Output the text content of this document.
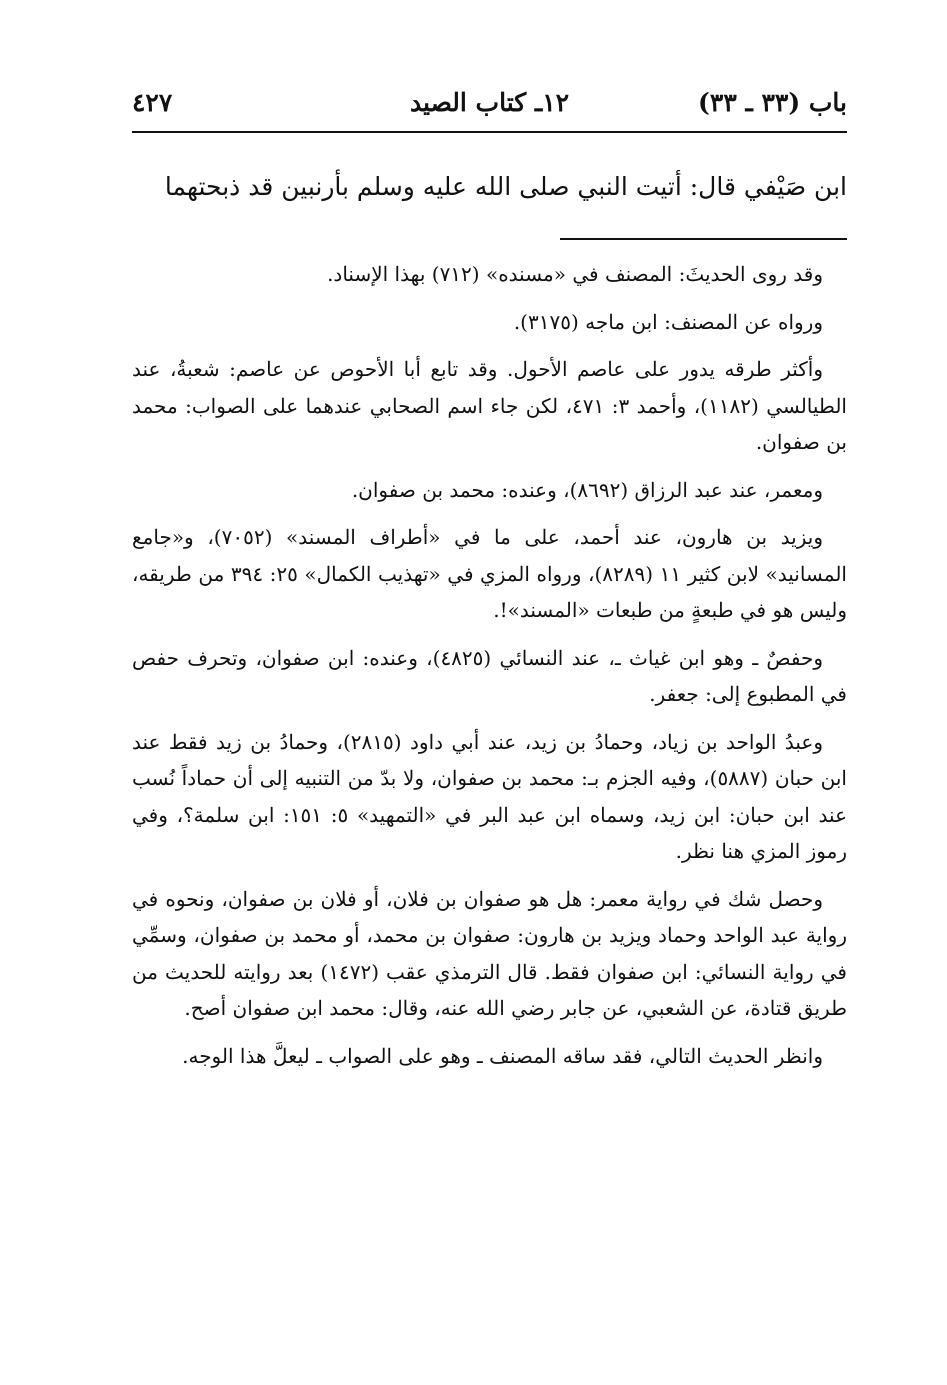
باب (٣٣ ـ ٣٣)
١٢ـ كتاب الصيد
٤٢٧
ابن صَيْفي قال: أتيت النبي صلى الله عليه وسلم بأرنبين قد ذبحتهما

وقد روى الحديثَ: المصنف في «مسنده» (٧١٢) بهذا الإسناد.

ورواه عن المصنف: ابن ماجه (٣١٧٥).

وأكثر طرقه يدور على عاصم الأحول. وقد تابع أبا الأحوص عن عاصم: شعبةُ، عند الطيالسي (١١٨٢)، وأحمد ٣: ٤٧١، لكن جاء اسم الصحابي عندهما على الصواب: محمد بن صفوان.

ومعمر، عند عبد الرزاق (٨٦٩٢)، وعنده: محمد بن صفوان.

ويزيد بن هارون، عند أحمد، على ما في «أطراف المسند» (٧٠٥٢)، و«جامع المسانيد» لابن كثير ١١ (٨٢٨٩)، ورواه المزي في «تهذيب الكمال» ٢٥: ٣٩٤ من طريقه، وليس هو في طبعةٍ من طبعات «المسند»!.

وحفصٌ ـ وهو ابن غياث ـ، عند النسائي (٤٨٢٥)، وعنده: ابن صفوان، وتحرف حفص في المطبوع إلى: جعفر.

وعبدُ الواحد بن زياد، وحمادُ بن زيد، عند أبي داود (٢٨١٥)، وحمادُ بن زيد فقط عند ابن حبان (٥٨٨٧)، وفيه الجزم بـ: محمد بن صفوان، ولا بدّ من التنبيه إلى أن حماداً نُسب عند ابن حبان: ابن زيد، وسماه ابن عبد البر في «التمهيد» ٥: ١٥١: ابن سلمة؟، وفي رموز المزي هنا نظر.

وحصل شك في رواية معمر: هل هو صفوان بن فلان، أو فلان بن صفوان، ونحوه في رواية عبد الواحد وحماد ويزيد بن هارون: صفوان بن محمد، أو محمد بن صفوان، وسمِّي في رواية النسائي: ابن صفوان فقط. قال الترمذي عقب (١٤٧٢) بعد روايته للحديث من طريق قتادة، عن الشعبي، عن جابر رضي الله عنه، وقال: محمد ابن صفوان أصح.

وانظر الحديث التالي، فقد ساقه المصنف ـ وهو على الصواب ـ ليعلَّ هذا الوجه.
